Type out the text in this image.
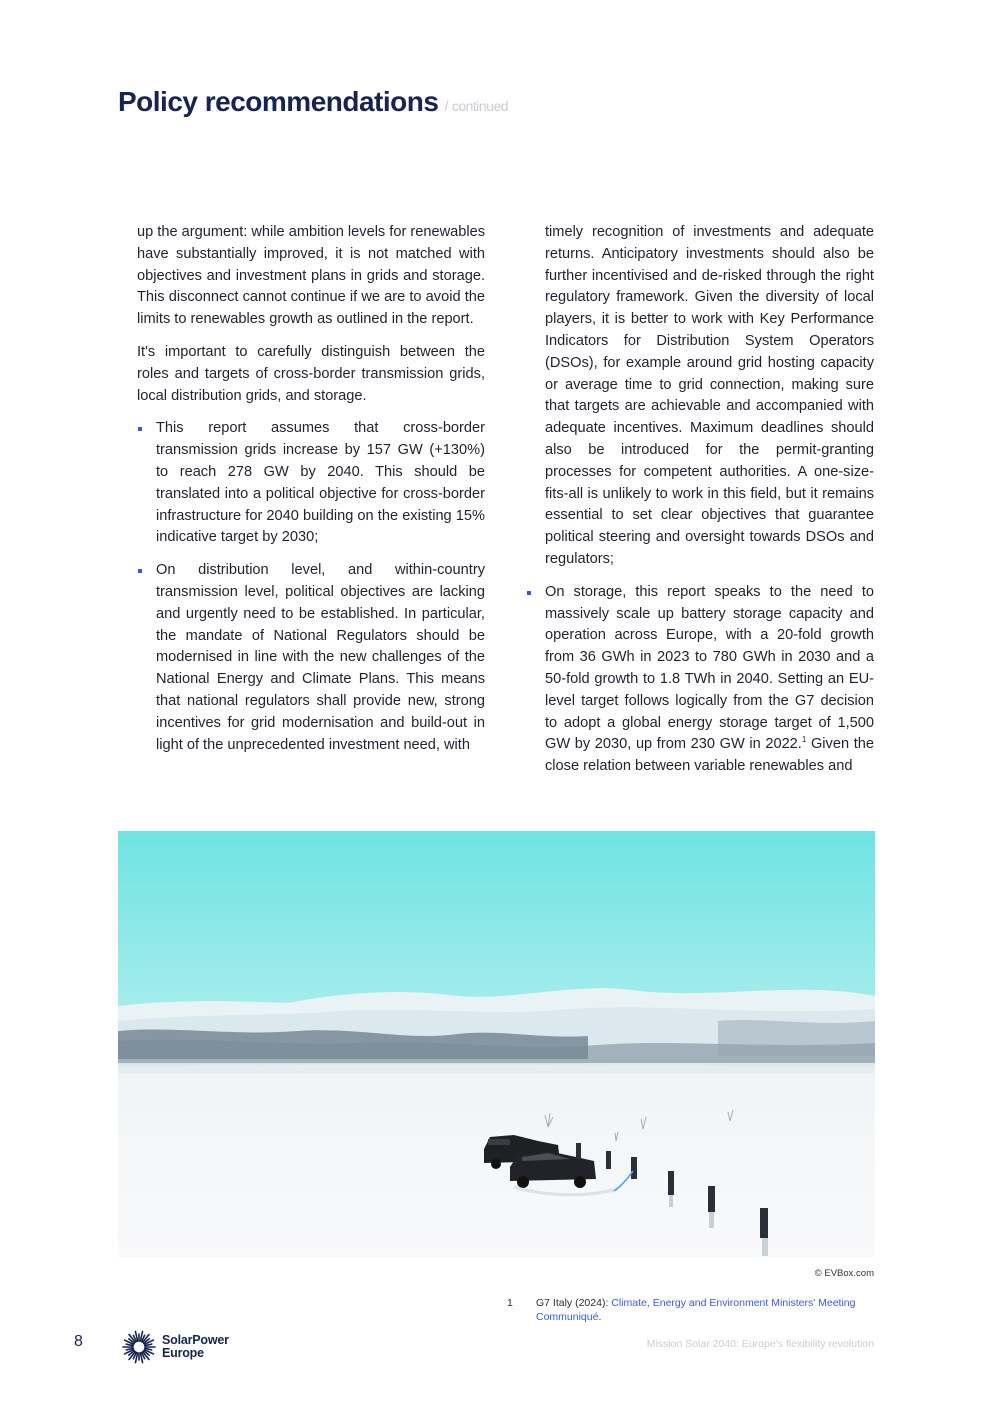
Policy recommendations / continued

up the argument: while ambition levels for renewables have substantially improved, it is not matched with objectives and investment plans in grids and storage. This disconnect cannot continue if we are to avoid the limits to renewables growth as outlined in the report.

It's important to carefully distinguish between the roles and targets of cross-border transmission grids, local distribution grids, and storage.

This report assumes that cross-border transmission grids increase by 157 GW (+130%) to reach 278 GW by 2040. This should be translated into a political objective for cross-border infrastructure for 2040 building on the existing 15% indicative target by 2030;
On distribution level, and within-country transmission level, political objectives are lacking and urgently need to be established. In particular, the mandate of National Regulators should be modernised in line with the new challenges of the National Energy and Climate Plans. This means that national regulators shall provide new, strong incentives for grid modernisation and build-out in light of the unprecedented investment need, with
timely recognition of investments and adequate returns. Anticipatory investments should also be further incentivised and de-risked through the right regulatory framework. Given the diversity of local players, it is better to work with Key Performance Indicators for Distribution System Operators (DSOs), for example around grid hosting capacity or average time to grid connection, making sure that targets are achievable and accompanied with adequate incentives. Maximum deadlines should also be introduced for the permit-granting processes for competent authorities. A one-size-fits-all is unlikely to work in this field, but it remains essential to set clear objectives that guarantee political steering and oversight towards DSOs and regulators;
On storage, this report speaks to the need to massively scale up battery storage capacity and operation across Europe, with a 20-fold growth from 36 GWh in 2023 to 780 GWh in 2030 and a 50-fold growth to 1.8 TWh in 2040. Setting an EU-level target follows logically from the G7 decision to adopt a global energy storage target of 1,500 GW by 2030, up from 230 GW in 2022.$^1$ Given the close relation between variable renewables and
© EVBox.com
1 G7 Italy (2024): Climate, Energy and Environment Ministers' Meeting Communiqué.
8	SolarPower
Europe
Mission Solar 2040: Europe's flexibility revolution
